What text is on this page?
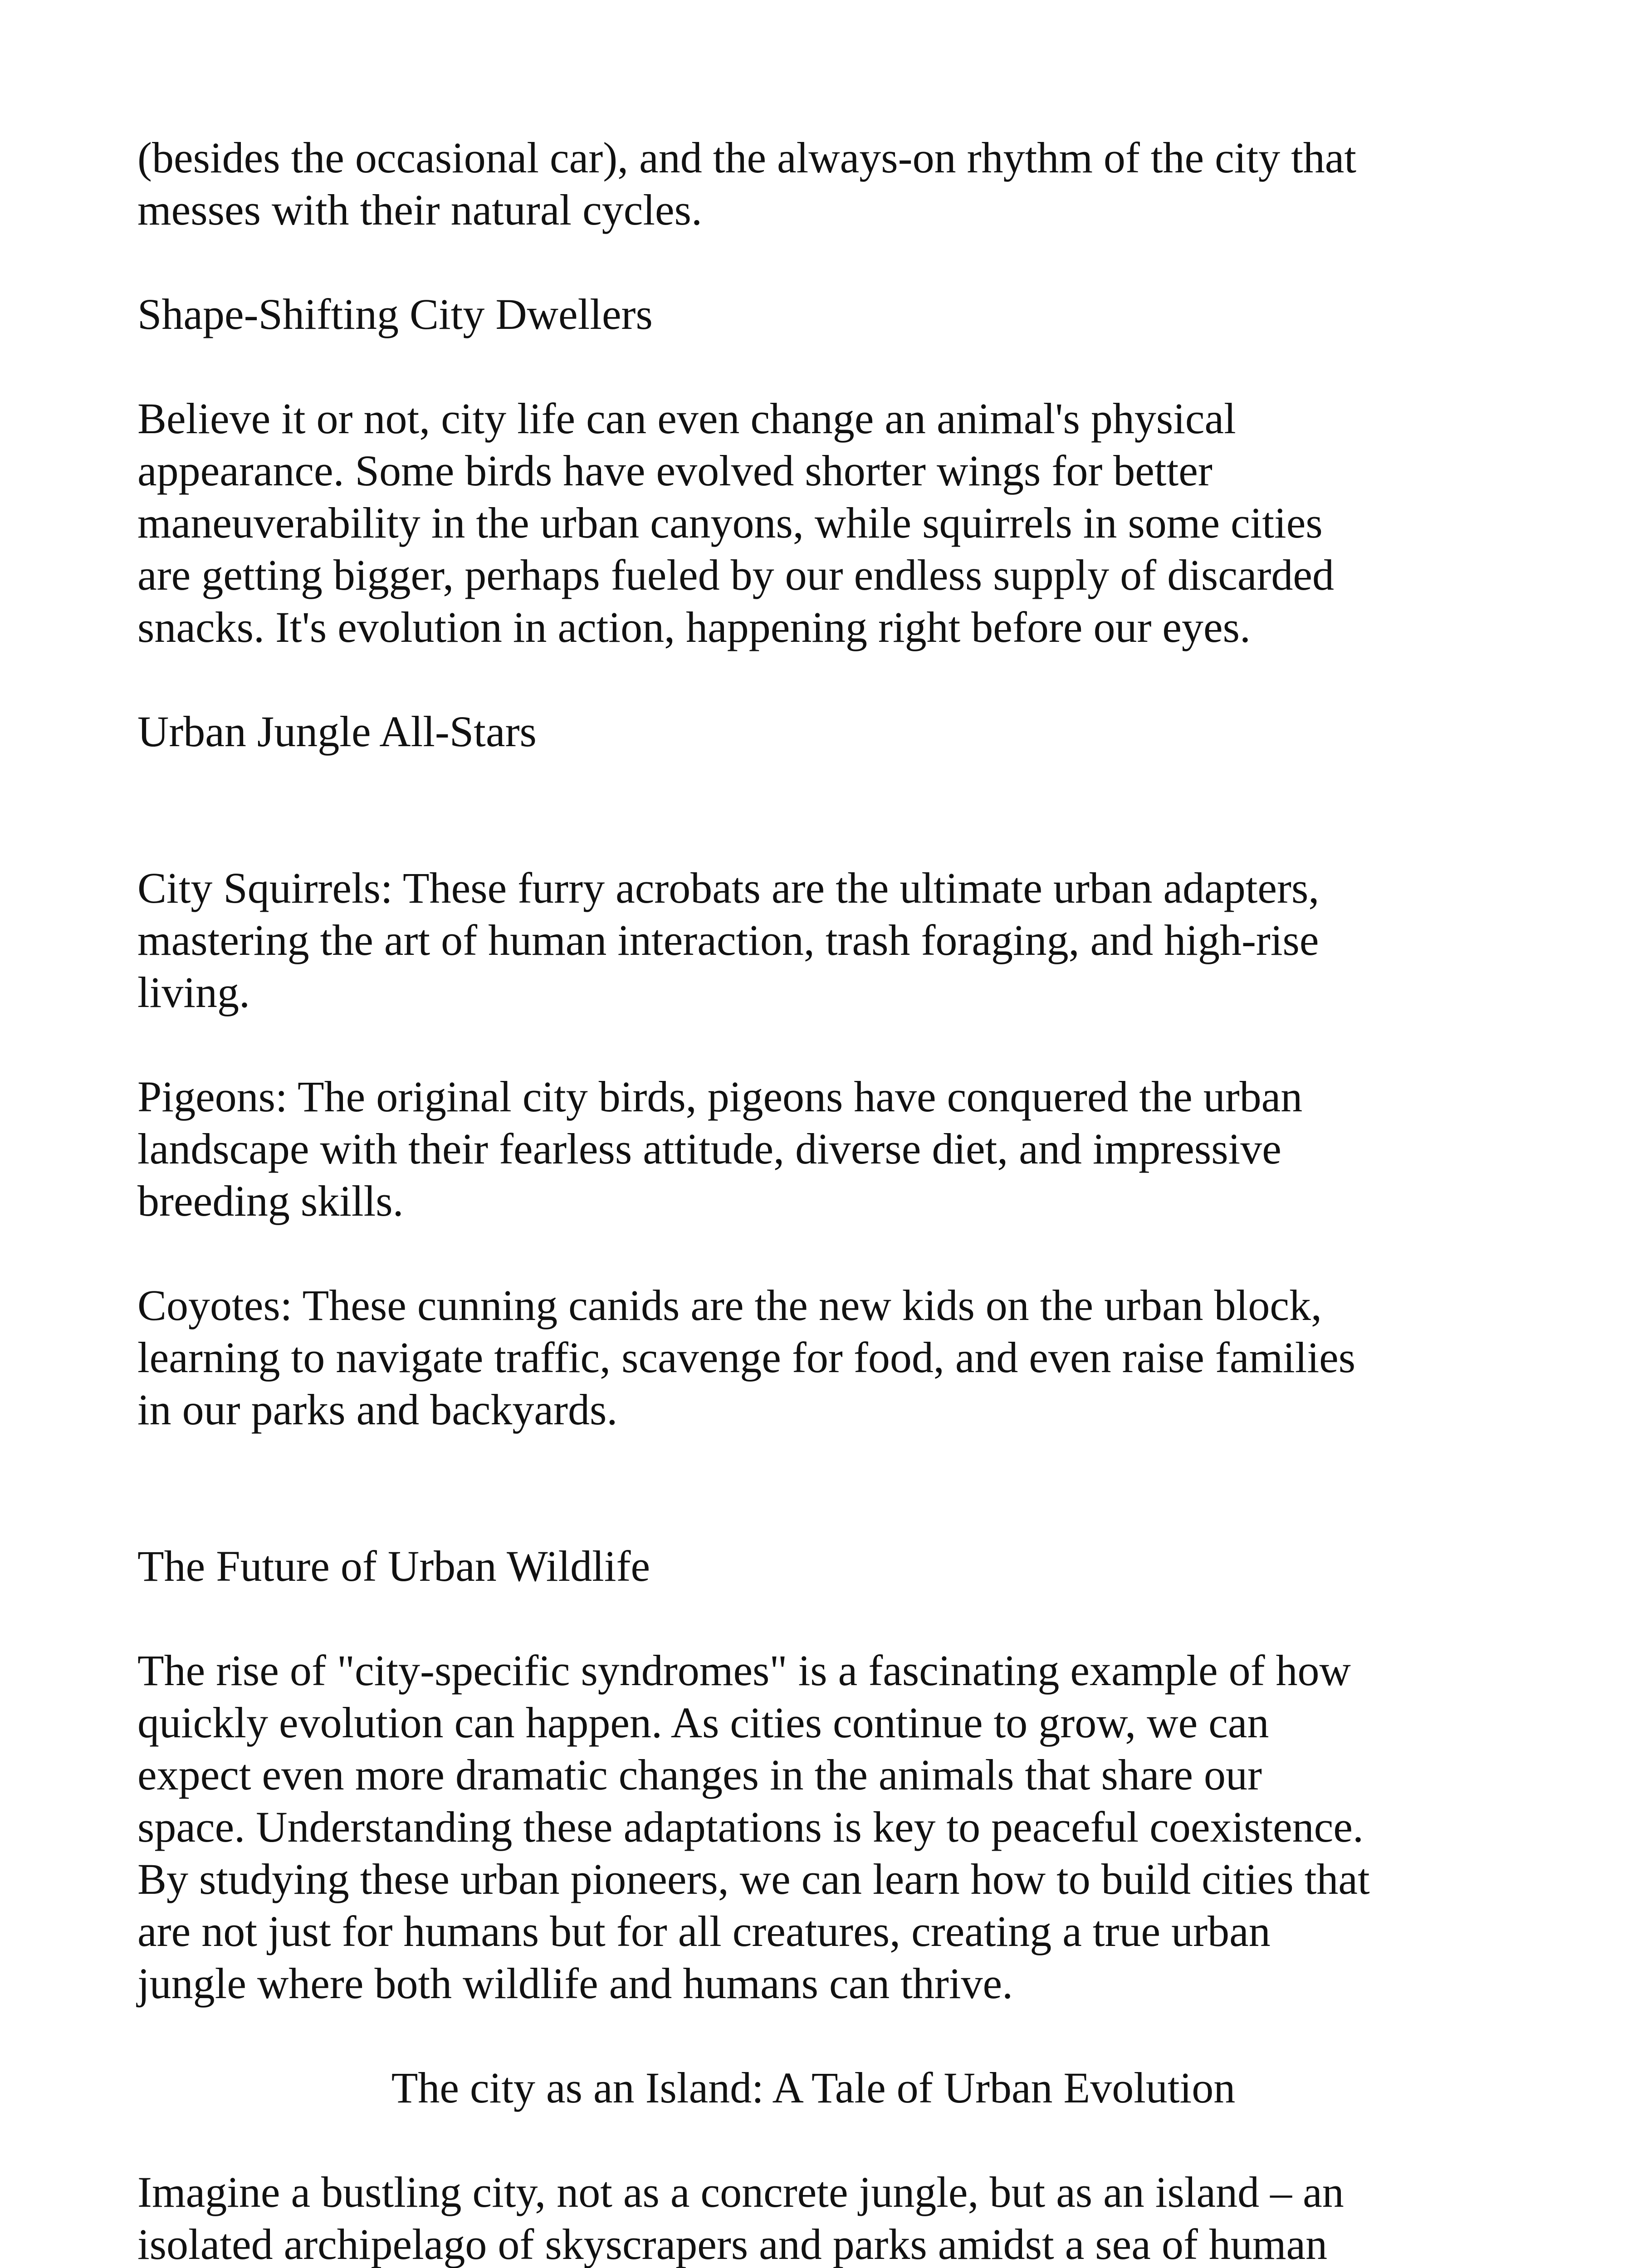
(besides the occasional car), and the always-on rhythm of the city that
messes with their natural cycles.

Shape-Shifting City Dwellers

Believe it or not, city life can even change an animal's physical
appearance. Some birds have evolved shorter wings for better
maneuverability in the urban canyons, while squirrels in some cities
are getting bigger, perhaps fueled by our endless supply of discarded
snacks. It's evolution in action, happening right before our eyes.

Urban Jungle All-Stars

City Squirrels: These furry acrobats are the ultimate urban adapters,
mastering the art of human interaction, trash foraging, and high-rise
living.

Pigeons: The original city birds, pigeons have conquered the urban
landscape with their fearless attitude, diverse diet, and impressive
breeding skills.

Coyotes: These cunning canids are the new kids on the urban block,
learning to navigate traffic, scavenge for food, and even raise families
in our parks and backyards.

The Future of Urban Wildlife

The rise of "city-specific syndromes" is a fascinating example of how
quickly evolution can happen. As cities continue to grow, we can
expect even more dramatic changes in the animals that share our
space. Understanding these adaptations is key to peaceful coexistence.
By studying these urban pioneers, we can learn how to build cities that
are not just for humans but for all creatures, creating a true urban
jungle where both wildlife and humans can thrive.

The city as an Island: A Tale of Urban Evolution

Imagine a bustling city, not as a concrete jungle, but as an island – an
isolated archipelago of skyscrapers and parks amidst a sea of human
